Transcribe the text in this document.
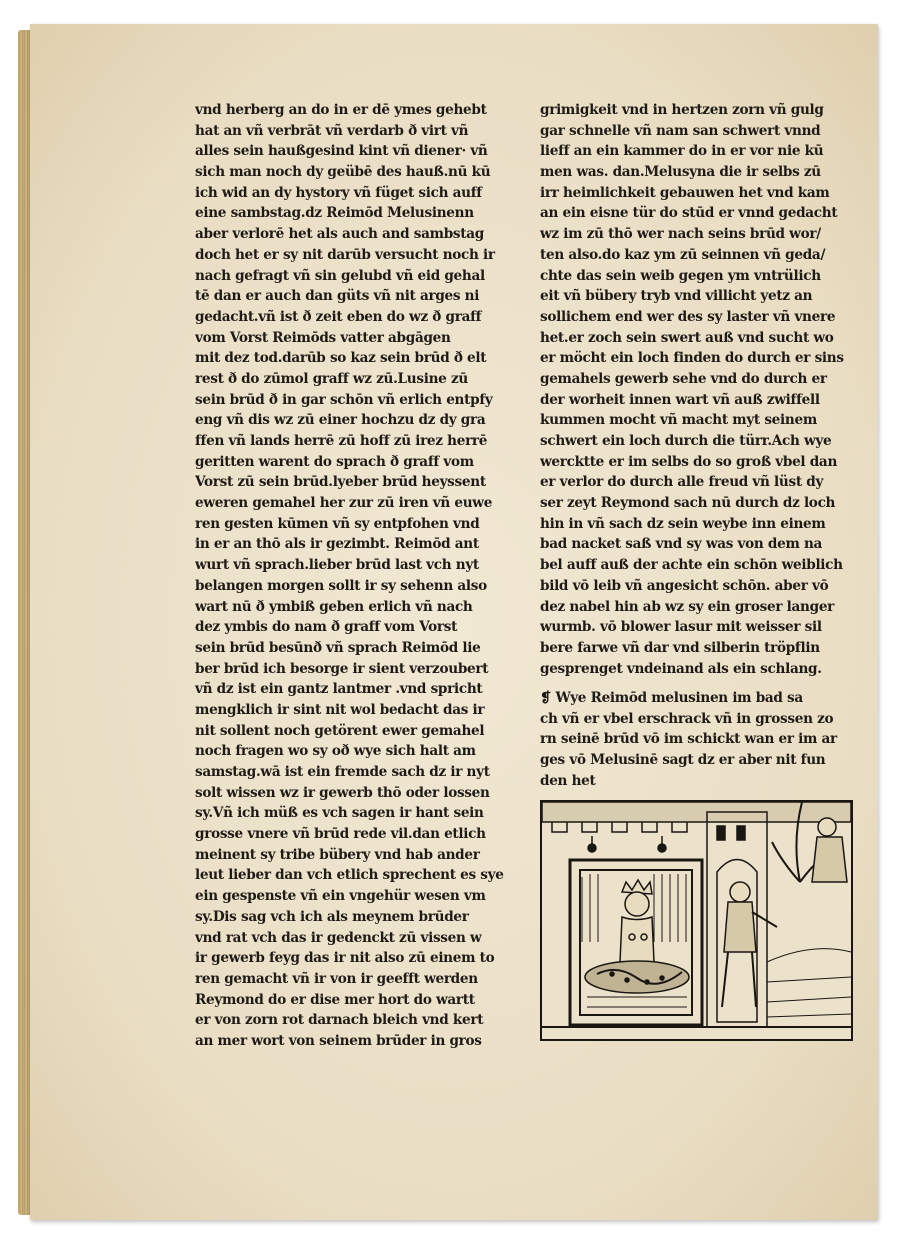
vnd herberg an do in er dē ymes gehebt
hat an vñ verbrāt vñ verdarb ð virt vñ
alles sein haußgesind kint vñ diener· vñ
sich man noch dy geübē des hauß.nū kū
ich wid an dy hystory vñ füget sich auff
eine sambstag.dz Reimōd Melusinenn
aber verlorē het als auch and sambstag
doch het er sy nit darūb versucht noch ir
nach gefragt vñ sin gelubd vñ eid gehal
tē dan er auch dan güts vñ nit arges ni
gedacht.vñ ist ð zeit eben do wz ð graff
vom Vorst Reimōds vatter abgāgen
mit dez tod.darūb so kaz sein brūd ð elt
rest ð do zūmol graff wz zū.Lusine zū
sein brūd ð in gar schōn vñ erlich entpfy
eng vñ dis wz zū einer hochzu dz dy gra
ffen vñ lands herrē zū hoff zū irez herrē
geritten warent do sprach ð graff vom
Vorst zū sein brūd.lyeber brūd heyssent
eweren gemahel her zur zū iren vñ euwe
ren gesten kūmen vñ sy entpfohen vnd
in er an thō als ir gezimbt. Reimōd ant
wurt vñ sprach.lieber brūd last vch nyt
belangen morgen sollt ir sy sehenn also
wart nū ð ymbiß geben erlich vñ nach
dez ymbis do nam ð graff vom Vorst
sein brūd besūnð vñ sprach Reimōd lie
ber brūd ich besorge ir sient verzoubert
vñ dz ist ein gantz lantmer .vnd spricht
mengklich ir sint nit wol bedacht das ir
nit sollent noch getörent ewer gemahel
noch fragen wo sy oð wye sich halt am
samstag.wā ist ein fremde sach dz ir nyt
solt wissen wz ir gewerb thō oder lossen
sy.Vñ ich müß es vch sagen ir hant sein
grosse vnere vñ brūd rede vil.dan etlich
meinent sy tribe bübery vnd hab ander
leut lieber dan vch etlich sprechent es sye
ein gespenste vñ ein vngehür wesen vm
sy.Dis sag vch ich als meynem brūder
vnd rat vch das ir gedenckt zū vissen w
ir gewerb feyg das ir nit also zū einem to
ren gemacht vñ ir von ir geefft werden
Reymond do er dise mer hort do wartt
er von zorn rot darnach bleich vnd kert
an mer wort von seinem brūder in gros
grimigkeit vnd in hertzen zorn vñ gulg
gar schnelle vñ nam san schwert vnnd
lieff an ein kammer do in er vor nie kū
men was. dan.Melusyna die ir selbs zū
irr heimlichkeit gebauwen het vnd kam
an ein eisne tür do stūd er vnnd gedacht
wz im zū thō wer nach seins brūd wor/
ten also.do kaz ym zū seinnen vñ geda/
chte das sein weib gegen ym vntrülich
eit vñ bübery tryb vnd villicht yetz an
sollichem end wer des sy laster vñ vnere
het.er zoch sein swert auß vnd sucht wo
er möcht ein loch finden do durch er sins
gemahels gewerb sehe vnd do durch er
der worheit innen wart vñ auß zwiffell
kummen mocht vñ macht myt seinem
schwert ein loch durch die türr.Ach wye
wercktte er im selbs do so groß vbel dan
er verlor do durch alle freud vñ lüst dy
ser zeyt Reymond sach nū durch dz loch
hin in vñ sach dz sein weybe inn einem
bad nacket saß vnd sy was von dem na
bel auff auß der achte ein schōn weiblich
bild vō leib vñ angesicht schōn. aber vō
dez nabel hin ab wz sy ein groser langer
wurmb. vō blower lasur mit weisser sil
bere farwe vñ dar vnd silberin tröpflin
gesprenget vndeinand als ein schlang.
❡ Wye Reimōd melusinen im bad sa
ch vñ er vbel erschrack vñ in grossen zo
rn seinē brūd vō im schickt wan er im ar
ges vō Melusinē sagt dz er aber nit fun
den het
